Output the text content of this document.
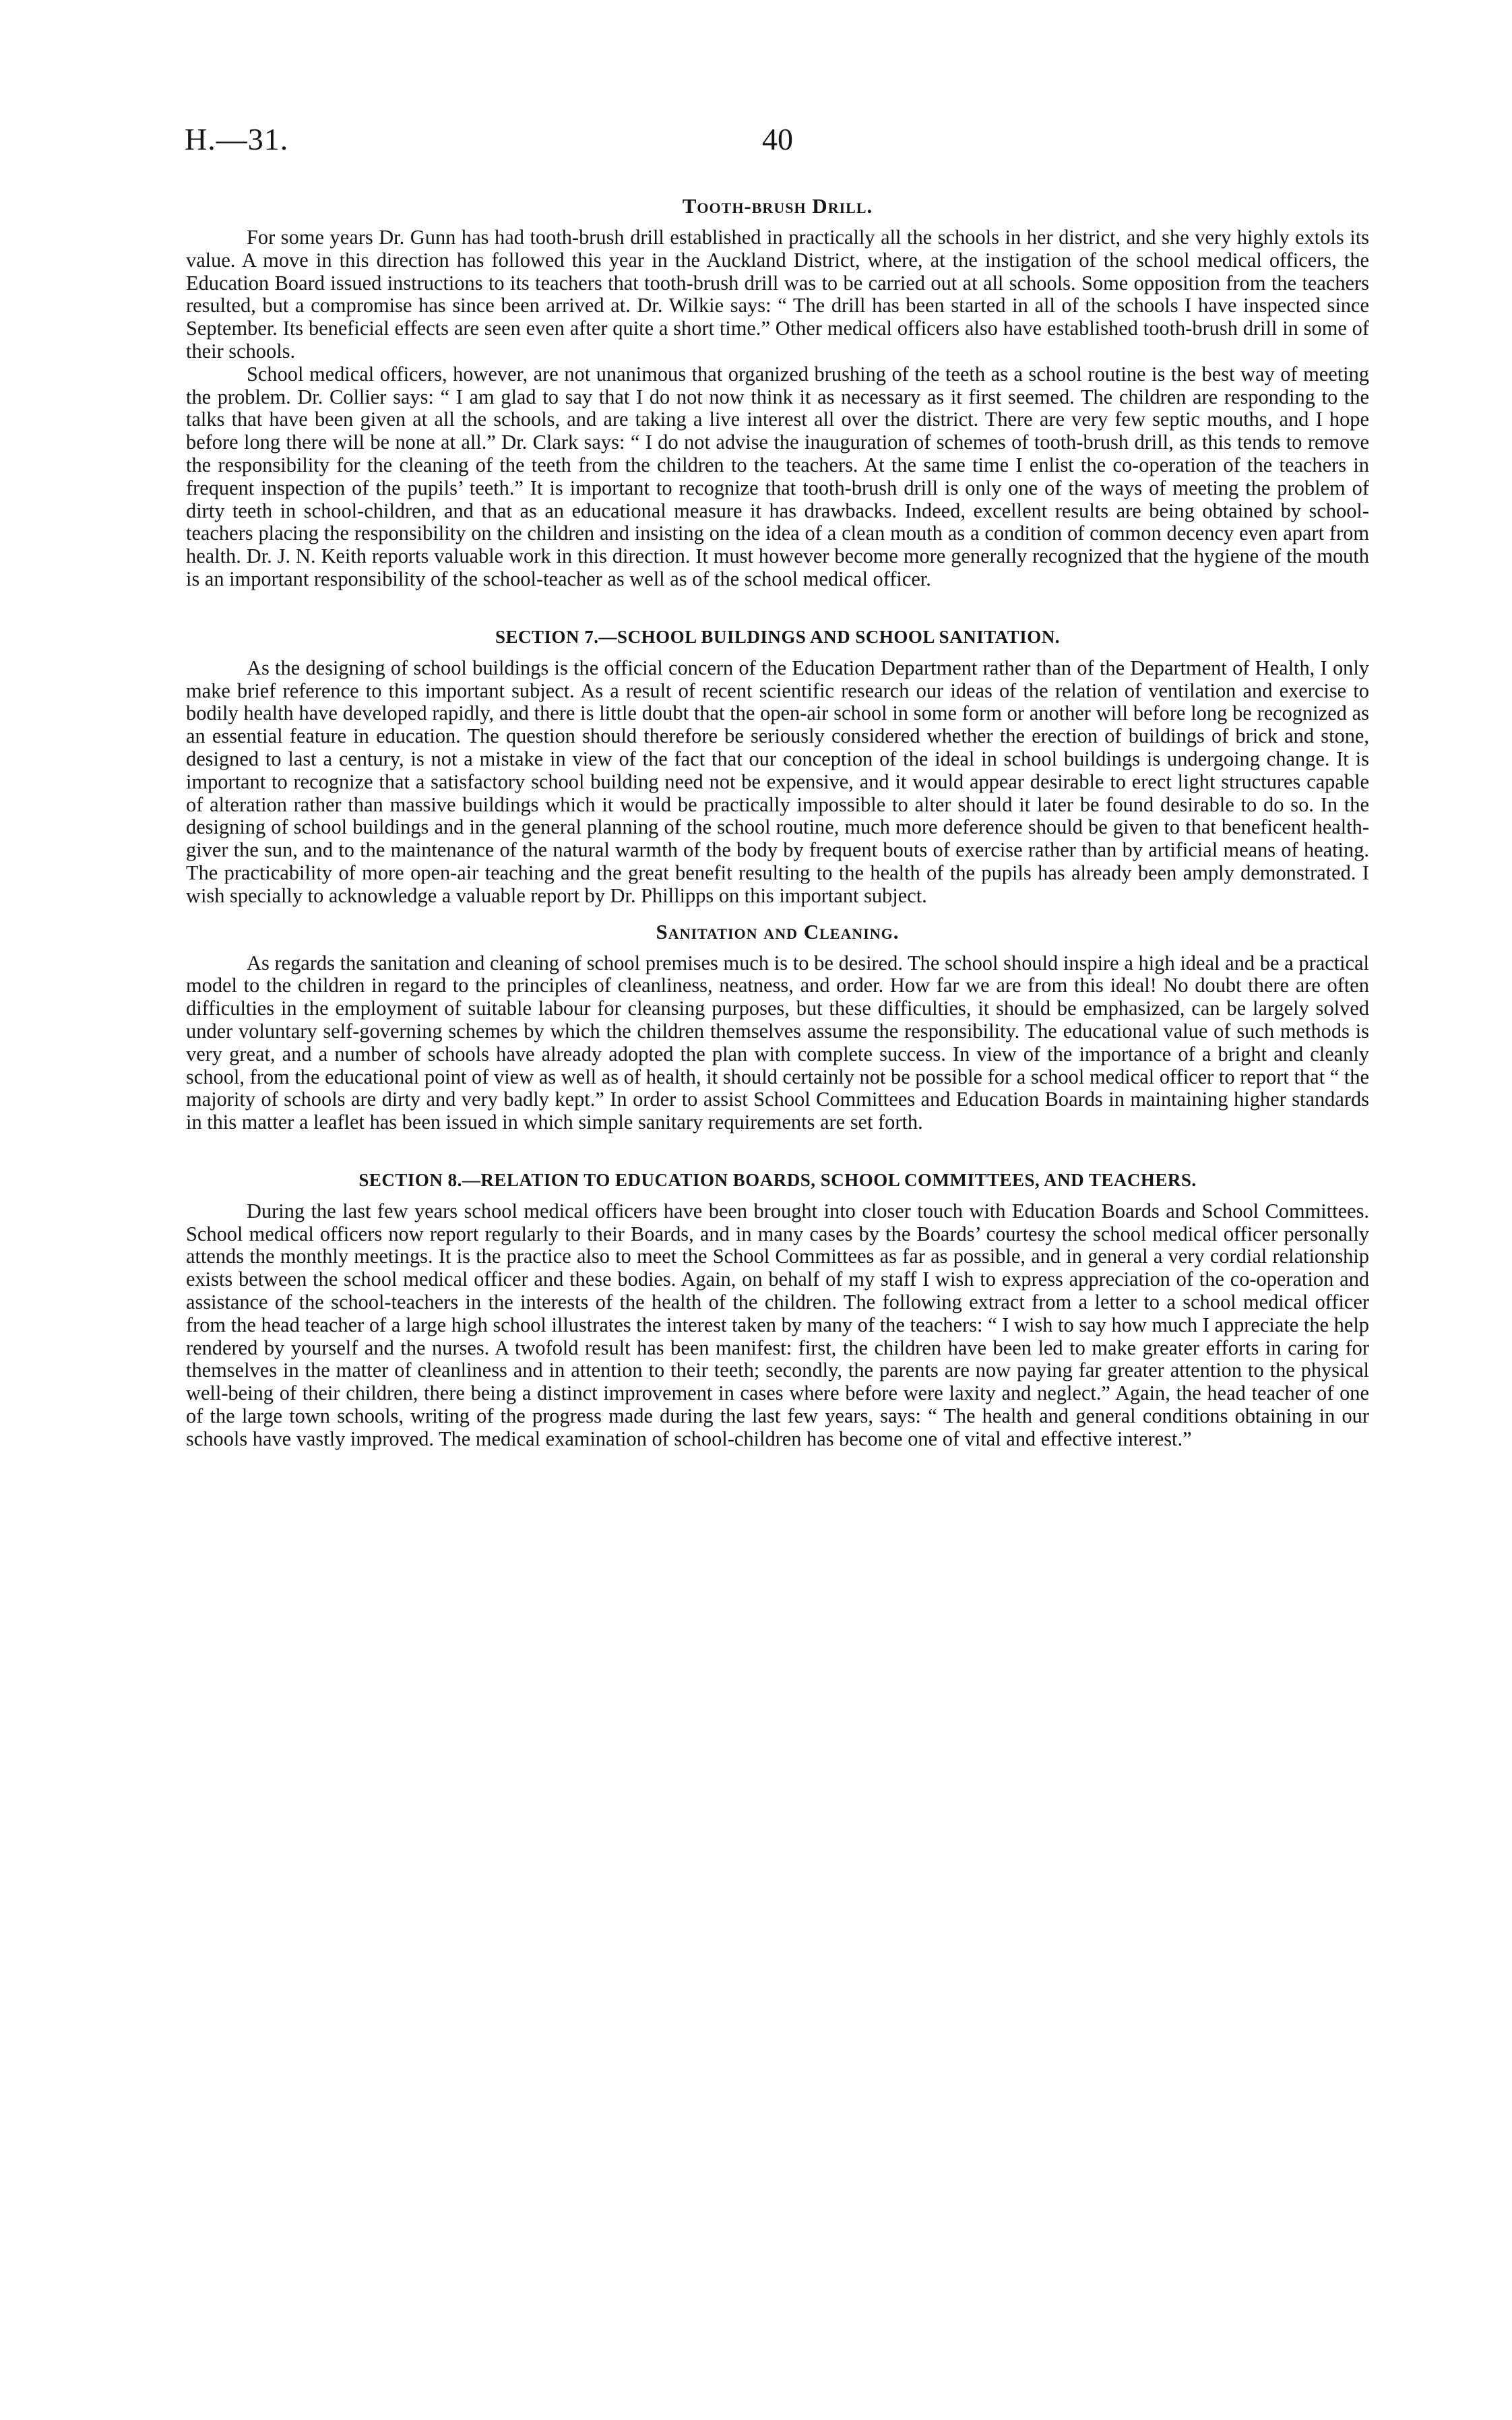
H.—31.	40
Tooth-brush Drill.

For some years Dr. Gunn has had tooth-brush drill established in practically all the schools in her district, and she very highly extols its value. A move in this direction has followed this year in the Auckland District, where, at the instigation of the school medical officers, the Education Board issued instructions to its teachers that tooth-brush drill was to be carried out at all schools. Some opposition from the teachers resulted, but a compromise has since been arrived at. Dr. Wilkie says: “ The drill has been started in all of the schools I have inspected since September. Its beneficial effects are seen even after quite a short time.” Other medical officers also have established tooth-brush drill in some of their schools.

School medical officers, however, are not unanimous that organized brushing of the teeth as a school routine is the best way of meeting the problem. Dr. Collier says: “ I am glad to say that I do not now think it as necessary as it first seemed. The children are responding to the talks that have been given at all the schools, and are taking a live interest all over the district. There are very few septic mouths, and I hope before long there will be none at all.” Dr. Clark says: “ I do not advise the inauguration of schemes of tooth-brush drill, as this tends to remove the responsibility for the cleaning of the teeth from the children to the teachers. At the same time I enlist the co-operation of the teachers in frequent inspection of the pupils’ teeth.” It is important to recognize that tooth-brush drill is only one of the ways of meeting the problem of dirty teeth in school-children, and that as an educational measure it has drawbacks. Indeed, excellent results are being obtained by school-teachers placing the responsibility on the children and insisting on the idea of a clean mouth as a condition of common decency even apart from health. Dr. J. N. Keith reports valuable work in this direction. It must however become more generally recognized that the hygiene of the mouth is an important responsibility of the school-teacher as well as of the school medical officer.

SECTION 7.—SCHOOL BUILDINGS AND SCHOOL SANITATION.

As the designing of school buildings is the official concern of the Education Department rather than of the Department of Health, I only make brief reference to this important subject. As a result of recent scientific research our ideas of the relation of ventilation and exercise to bodily health have developed rapidly, and there is little doubt that the open-air school in some form or another will before long be recognized as an essential feature in education. The question should therefore be seriously considered whether the erection of buildings of brick and stone, designed to last a century, is not a mistake in view of the fact that our conception of the ideal in school buildings is undergoing change. It is important to recognize that a satisfactory school building need not be expensive, and it would appear desirable to erect light structures capable of alteration rather than massive buildings which it would be practically impossible to alter should it later be found desirable to do so. In the designing of school buildings and in the general planning of the school routine, much more deference should be given to that beneficent health-giver the sun, and to the maintenance of the natural warmth of the body by frequent bouts of exercise rather than by artificial means of heating. The practicability of more open-air teaching and the great benefit resulting to the health of the pupils has already been amply demonstrated. I wish specially to acknowledge a valuable report by Dr. Phillipps on this important subject.

Sanitation and Cleaning.

As regards the sanitation and cleaning of school premises much is to be desired. The school should inspire a high ideal and be a practical model to the children in regard to the principles of cleanliness, neatness, and order. How far we are from this ideal! No doubt there are often difficulties in the employment of suitable labour for cleansing purposes, but these difficulties, it should be emphasized, can be largely solved under voluntary self-governing schemes by which the children themselves assume the responsibility. The educational value of such methods is very great, and a number of schools have already adopted the plan with complete success. In view of the importance of a bright and cleanly school, from the educational point of view as well as of health, it should certainly not be possible for a school medical officer to report that “ the majority of schools are dirty and very badly kept.” In order to assist School Committees and Education Boards in maintaining higher standards in this matter a leaflet has been issued in which simple sanitary requirements are set forth.

SECTION 8.—RELATION TO EDUCATION BOARDS, SCHOOL COMMITTEES, AND TEACHERS.

During the last few years school medical officers have been brought into closer touch with Education Boards and School Committees. School medical officers now report regularly to their Boards, and in many cases by the Boards’ courtesy the school medical officer personally attends the monthly meetings. It is the practice also to meet the School Committees as far as possible, and in general a very cordial relationship exists between the school medical officer and these bodies. Again, on behalf of my staff I wish to express appreciation of the co-operation and assistance of the school-teachers in the interests of the health of the children. The following extract from a letter to a school medical officer from the head teacher of a large high school illustrates the interest taken by many of the teachers: “ I wish to say how much I appreciate the help rendered by yourself and the nurses. A twofold result has been manifest: first, the children have been led to make greater efforts in caring for themselves in the matter of cleanliness and in attention to their teeth; secondly, the parents are now paying far greater attention to the physical well-being of their children, there being a distinct improvement in cases where before were laxity and neglect.” Again, the head teacher of one of the large town schools, writing of the progress made during the last few years, says: “ The health and general conditions obtaining in our schools have vastly improved. The medical examination of school-children has become one of vital and effective interest.”
